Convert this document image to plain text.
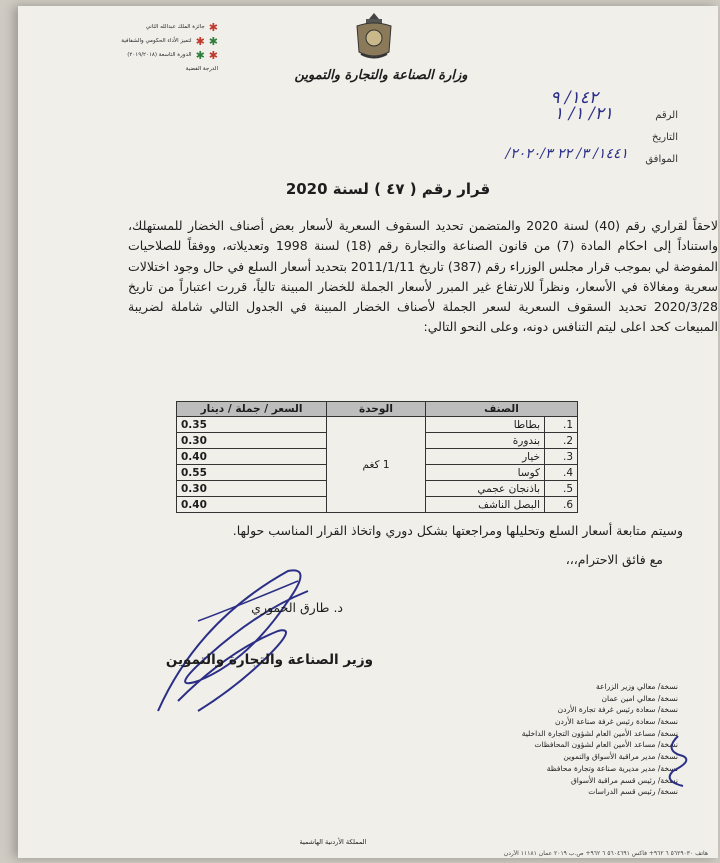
وزارة الصناعة والتجارة والتموين
جائزة الملك عبدالله الثاني ✱
لتميز الأداء الحكومي والشفافية ✱ ✱
الدورة التاسعة (٢٠١٩/٢٠١٨) ✱ ✱
الدرجة الفضية
الرقم
١٤٢/ ٩
التاريخ
٢١/ ١/ ١
الموافق
١٤٤١/ ٣/ ٢٢ ٢٠٢٠/٣/
قرار رقم ( ٤٧ ) لسنة 2020
لاحقاً لقراري رقم (40) لسنة 2020 والمتضمن تحديد السقوف السعرية لأسعار بعض أصناف الخضار للمستهلك، واستناداً إلى احكام المادة (7) من قانون الصناعة والتجارة رقم (18) لسنة 1998 وتعديلاته، ووفقاً للصلاحيات المفوضة لي بموجب قرار مجلس الوزراء رقم (387) تاريخ 2011/1/11 بتحديد أسعار السلع في حال وجود اختلالات سعرية ومغالاة في الأسعار، ونظراً للارتفاع غير المبرر لأسعار الجملة للخضار المبينة تالياً، قررت اعتباراً من تاريخ 2020/3/28 تحديد السقوف السعرية لسعر الجملة لأصناف الخضار المبينة في الجدول التالي شاملة لضريبة المبيعات كحد اعلى ليتم التنافس دونه، وعلى النحو التالي:
الصنف		الوحدة	السعر / جملة / دينار
1.	بطاطا	1 كغم	0.35
2.	بندورة		0.30
3.	خيار		0.40
4.	كوسا		0.55
5.	باذنجان عجمي		0.30
6.	البصل الناشف		0.40
وسيتم متابعة أسعار السلع وتحليلها ومراجعتها بشكل دوري واتخاذ القرار المناسب حولها.
مع فائق الاحترام،،،
د. طارق الحموري
وزير الصناعة والتجارة والتموين
نسخة/ معالي وزير الزراعة
نسخة/ معالي امين عمان
نسخة/ سعادة رئيس غرفة تجارة الأردن
نسخة/ سعادة رئيس غرفة صناعة الأردن
نسخة/ مساعد الأمين العام لشؤون التجارة الداخلية
نسخة/ مساعد الأمين العام لشؤون المحافظات
نسخة/ مدير مراقبة الأسواق والتموين
نسخة/ مدير مديرية صناعة وتجارة محافظة
نسخة/ رئيس قسم مراقبة الأسواق
نسخة/ رئيس قسم الدراسات
المملكة الأردنية الهاشمية
هاتف ٥٦٢٩٠٣٠ ٦ ٩٦٢+ فاكس ٥٦٠٤٦٩١ ٦ ٩٦٢+ ص.ب ٢٠١٩ عمان ١١١٨١ الأردن
